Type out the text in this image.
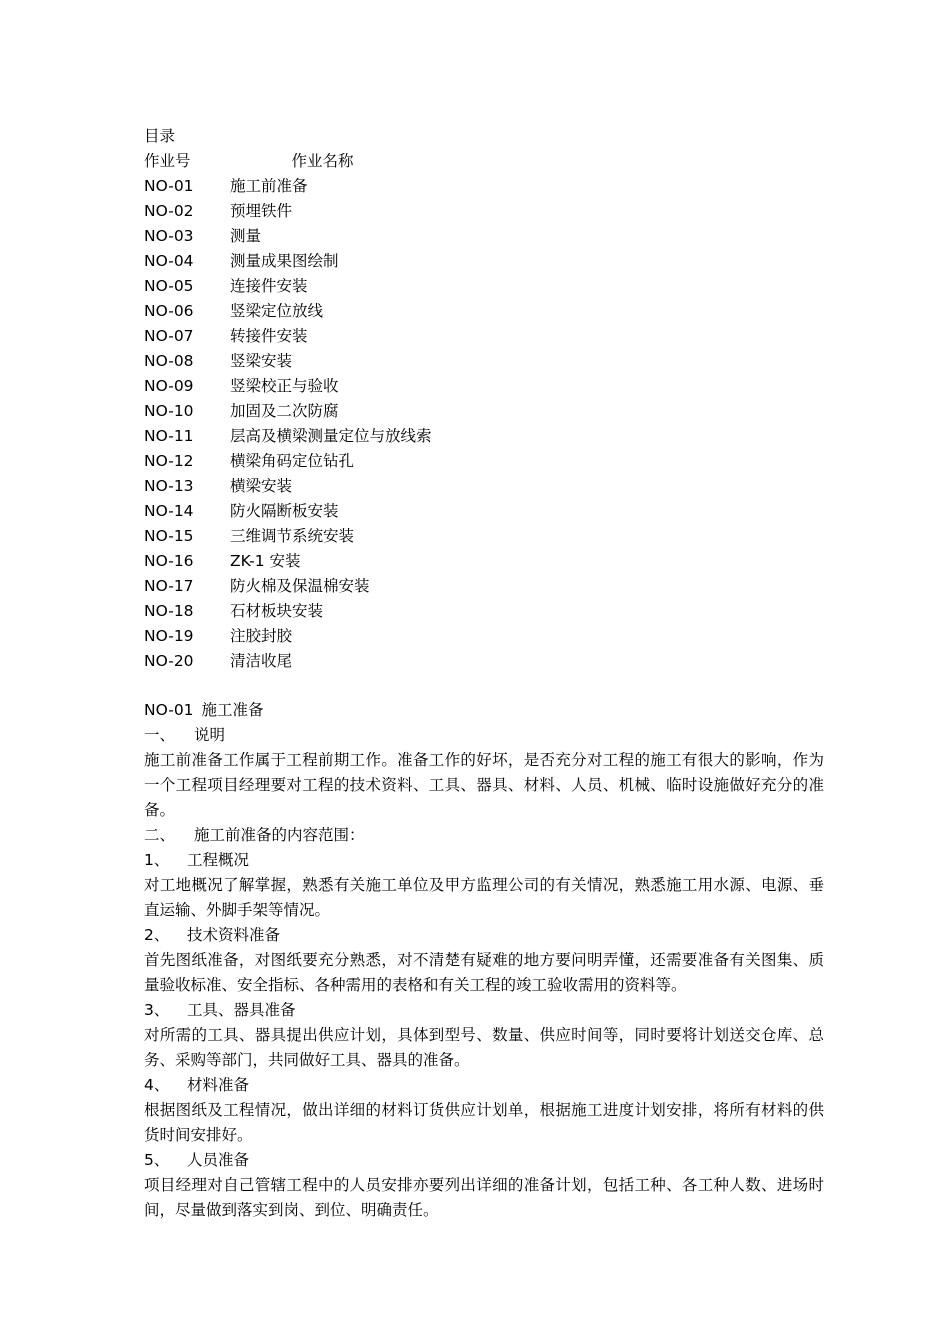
目录
作业号	作业名称
NO-01 施工前准备
NO-02 预埋铁件
NO-03 测量
NO-04 测量成果图绘制
NO-05 连接件安装
NO-06 竖梁定位放线
NO-07 转接件安装
NO-08 竖梁安装
NO-09 竖梁校正与验收
NO-10 加固及二次防腐
NO-11 层高及横梁测量定位与放线索
NO-12 横梁角码定位钻孔
NO-13 横梁安装
NO-14 防火隔断板安装
NO-15 三维调节系统安装
NO-16 ZK-1 安装
NO-17 防火棉及保温棉安装
NO-18 石材板块安装
NO-19 注胶封胶
NO-20 清洁收尾
NO-01 施工准备
一、 说明
施工前准备工作属于工程前期工作。准备工作的好坏，是否充分对工程的施工有很大的影响，作为一个工程项目经理要对工程的技术资料、工具、器具、材料、人员、机械、临时设施做好充分的准备。
二、 施工前准备的内容范围：
1、 工程概况
对工地概况了解掌握，熟悉有关施工单位及甲方监理公司的有关情况，熟悉施工用水源、电源、垂直运输、外脚手架等情况。
2、 技术资料准备
首先图纸准备，对图纸要充分熟悉，对不清楚有疑难的地方要问明弄懂，还需要准备有关图集、质量验收标准、安全指标、各种需用的表格和有关工程的竣工验收需用的资料等。
3、 工具、器具准备
对所需的工具、器具提出供应计划，具体到型号、数量、供应时间等，同时要将计划送交仓库、总务、采购等部门，共同做好工具、器具的准备。
4、 材料准备
根据图纸及工程情况，做出详细的材料订货供应计划单，根据施工进度计划安排，将所有材料的供货时间安排好。
5、 人员准备
项目经理对自己管辖工程中的人员安排亦要列出详细的准备计划，包括工种、各工种人数、进场时间，尽量做到落实到岗、到位、明确责任。
